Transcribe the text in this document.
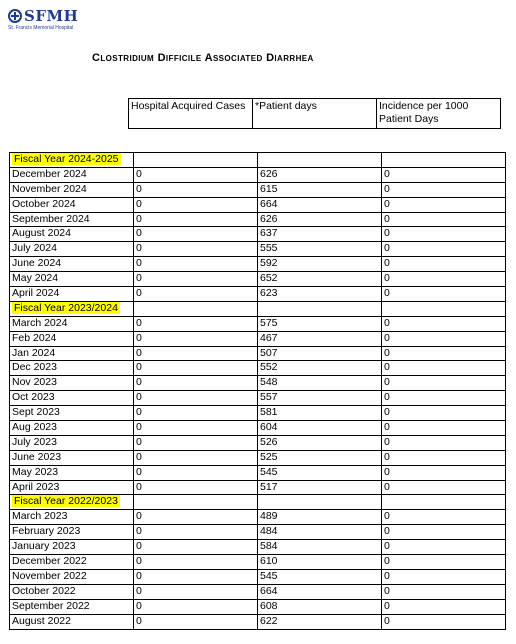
SFMH
St. Francis Memorial Hospital
Clostridium Difficile Associated Diarrhea
Hospital Acquired Cases	*Patient days	Incidence per 1000 Patient Days
Fiscal Year 2024-2025			
December 2024	0	626	0
November 2024	0	615	0
October 2024	0	664	0
September 2024	0	626	0
August 2024	0	637	0
July 2024	0	555	0
June 2024	0	592	0
May 2024	0	652	0
April 2024	0	623	0
Fiscal Year 2023/2024			
March 2024	0	575	0
Feb 2024	0	467	0
Jan 2024	0	507	0
Dec 2023	0	552	0
Nov 2023	0	548	0
Oct 2023	0	557	0
Sept 2023	0	581	0
Aug 2023	0	604	0
July 2023	0	526	0
June 2023	0	525	0
May 2023	0	545	0
April 2023	0	517	0
Fiscal Year 2022/2023			
March 2023	0	489	0
February 2023	0	484	0
January 2023	0	584	0
December 2022	0	610	0
November 2022	0	545	0
October 2022	0	664	0
September 2022	0	608	0
August 2022	0	622	0
